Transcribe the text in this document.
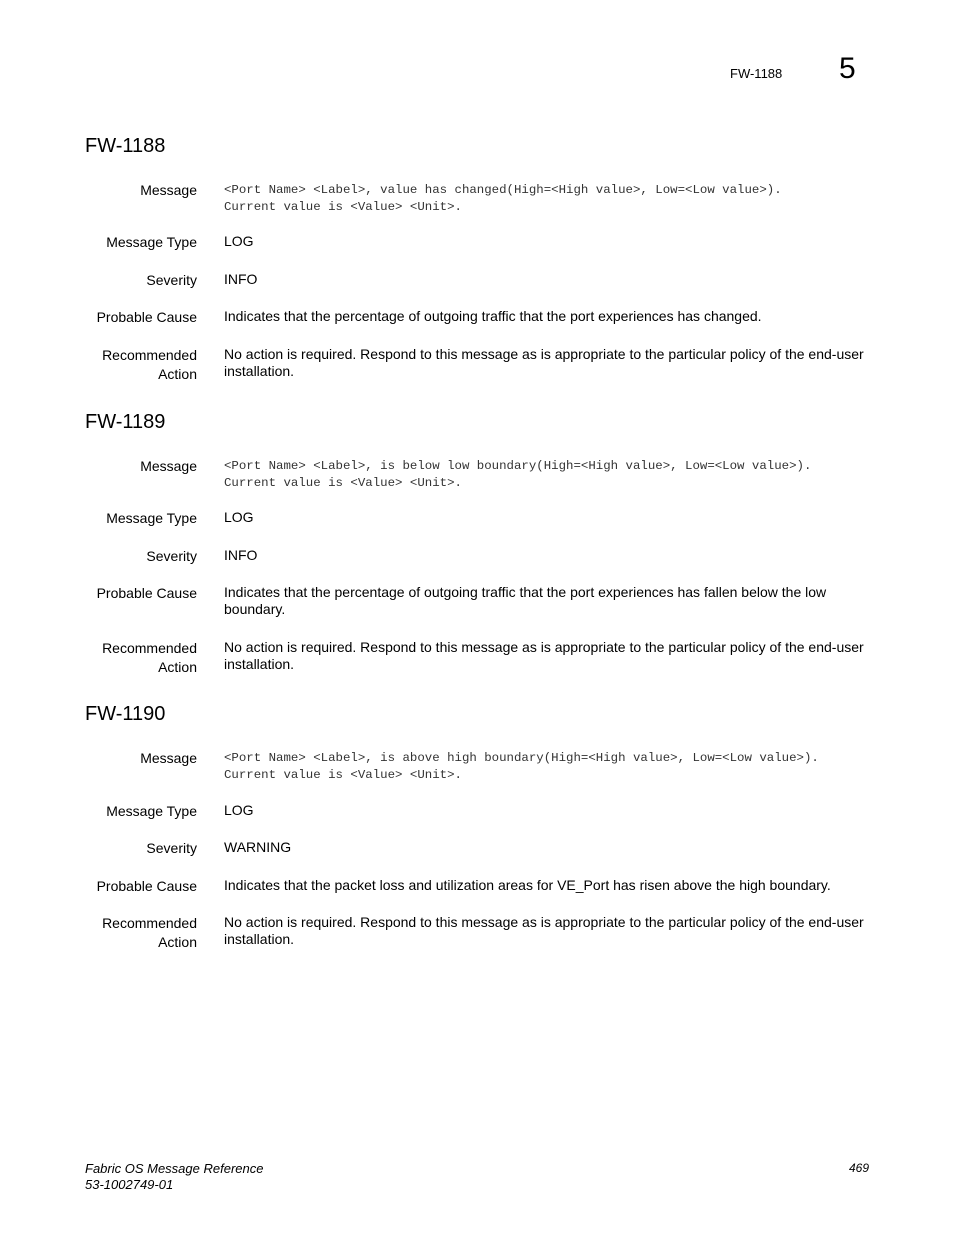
FW-1188 5
FW-1188
Message <Port Name> <Label>, value has changed(High=<High value>, Low=<Low value>).
Current value is <Value> <Unit>.
Message Type LOG
Severity INFO
Probable Cause Indicates that the percentage of outgoing traffic that the port experiences has changed.
Recommended
Action
No action is required. Respond to this message as is appropriate to the particular policy of the end-user installation.
FW-1189
Message <Port Name> <Label>, is below low boundary(High=<High value>, Low=<Low value>).
Current value is <Value> <Unit>.
Message Type LOG
Severity INFO
Probable Cause Indicates that the percentage of outgoing traffic that the port experiences has fallen below the low boundary.
Recommended
Action
No action is required. Respond to this message as is appropriate to the particular policy of the end-user installation.
FW-1190
Message <Port Name> <Label>, is above high boundary(High=<High value>, Low=<Low value>).
Current value is <Value> <Unit>.
Message Type LOG
Severity WARNING
Probable Cause Indicates that the packet loss and utilization areas for VE_Port has risen above the high boundary.
Recommended
Action
No action is required. Respond to this message as is appropriate to the particular policy of the end-user installation.
Fabric OS Message Reference
53-1002749-01
469
